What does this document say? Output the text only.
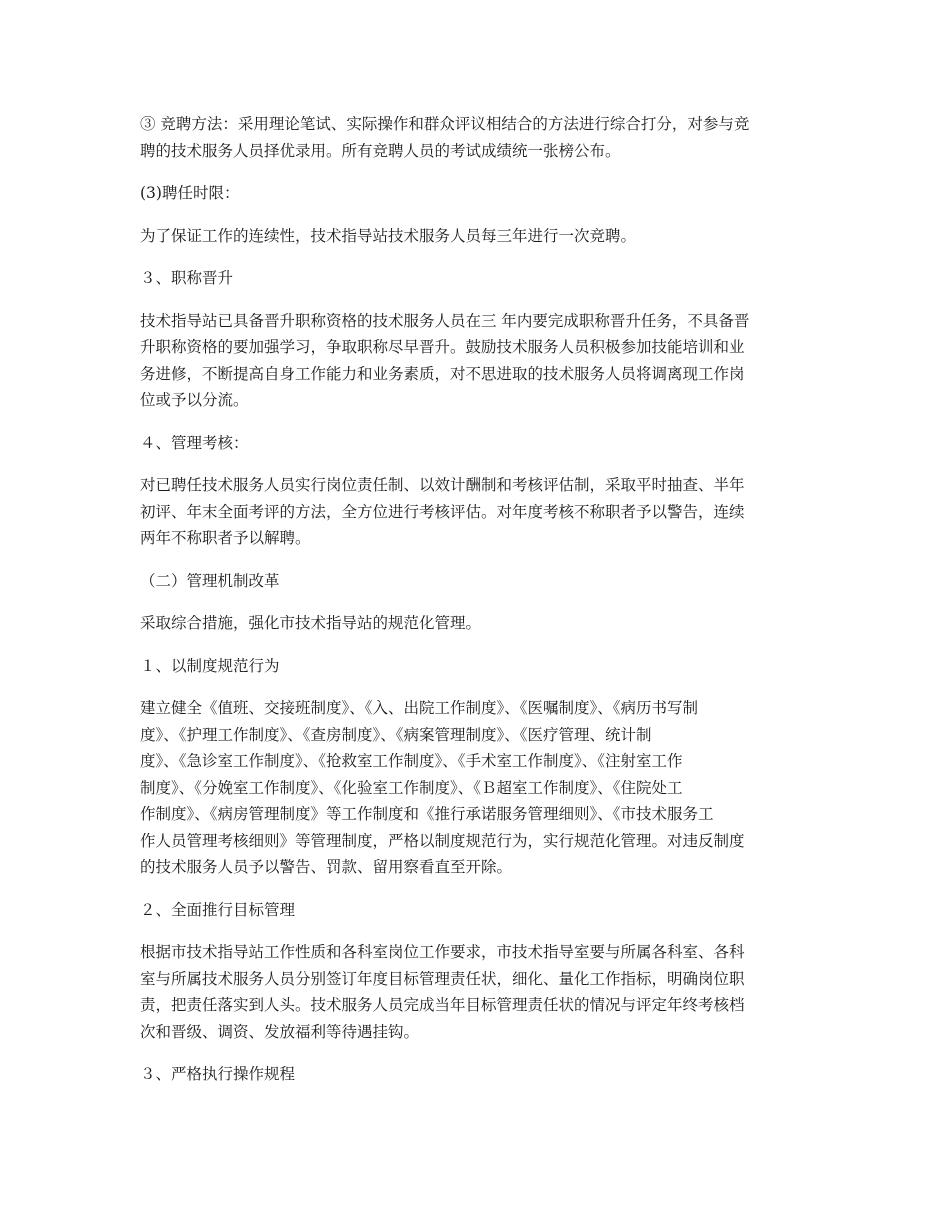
③ 竞聘方法：采用理论笔试、实际操作和群众评议相结合的方法进行综合打分，对参与竞
聘的技术服务人员择优录用。所有竞聘人员的考试成绩统一张榜公布。

(3)聘任时限：

为了保证工作的连续性，技术指导站技术服务人员每三年进行一次竞聘。

３、职称晋升

技术指导站已具备晋升职称资格的技术服务人员在三 年内要完成职称晋升任务，不具备晋
升职称资格的要加强学习，争取职称尽早晋升。鼓励技术服务人员积极参加技能培训和业
务进修，不断提高自身工作能力和业务素质，对不思进取的技术服务人员将调离现工作岗
位或予以分流。

４、管理考核：

对已聘任技术服务人员实行岗位责任制、以效计酬制和考核评估制，采取平时抽查、半年
初评、年末全面考评的方法，全方位进行考核评估。对年度考核不称职者予以警告，连续
两年不称职者予以解聘。

（二）管理机制改革

采取综合措施，强化市技术指导站的规范化管理。

１、以制度规范行为

建立健全《值班、交接班制度》、《入、出院工作制度》、《医嘱制度》、《病历书写制
度》、《护理工作制度》、《查房制度》、《病案管理制度》、《医疗管理、统计制
度》、《急诊室工作制度》、《抢救室工作制度》、《手术室工作制度》、《注射室工作
制度》、《分娩室工作制度》、《化验室工作制度》、《Ｂ超室工作制度》、《住院处工
作制度》、《病房管理制度》等工作制度和《推行承诺服务管理细则》、《市技术服务工
作人员管理考核细则》等管理制度，严格以制度规范行为，实行规范化管理。对违反制度
的技术服务人员予以警告、罚款、留用察看直至开除。

２、全面推行目标管理

根据市技术指导站工作性质和各科室岗位工作要求，市技术指导室要与所属各科室、各科
室与所属技术服务人员分别签订年度目标管理责任状，细化、量化工作指标，明确岗位职
责，把责任落实到人头。技术服务人员完成当年目标管理责任状的情况与评定年终考核档
次和晋级、调资、发放福利等待遇挂钩。

３、严格执行操作规程
